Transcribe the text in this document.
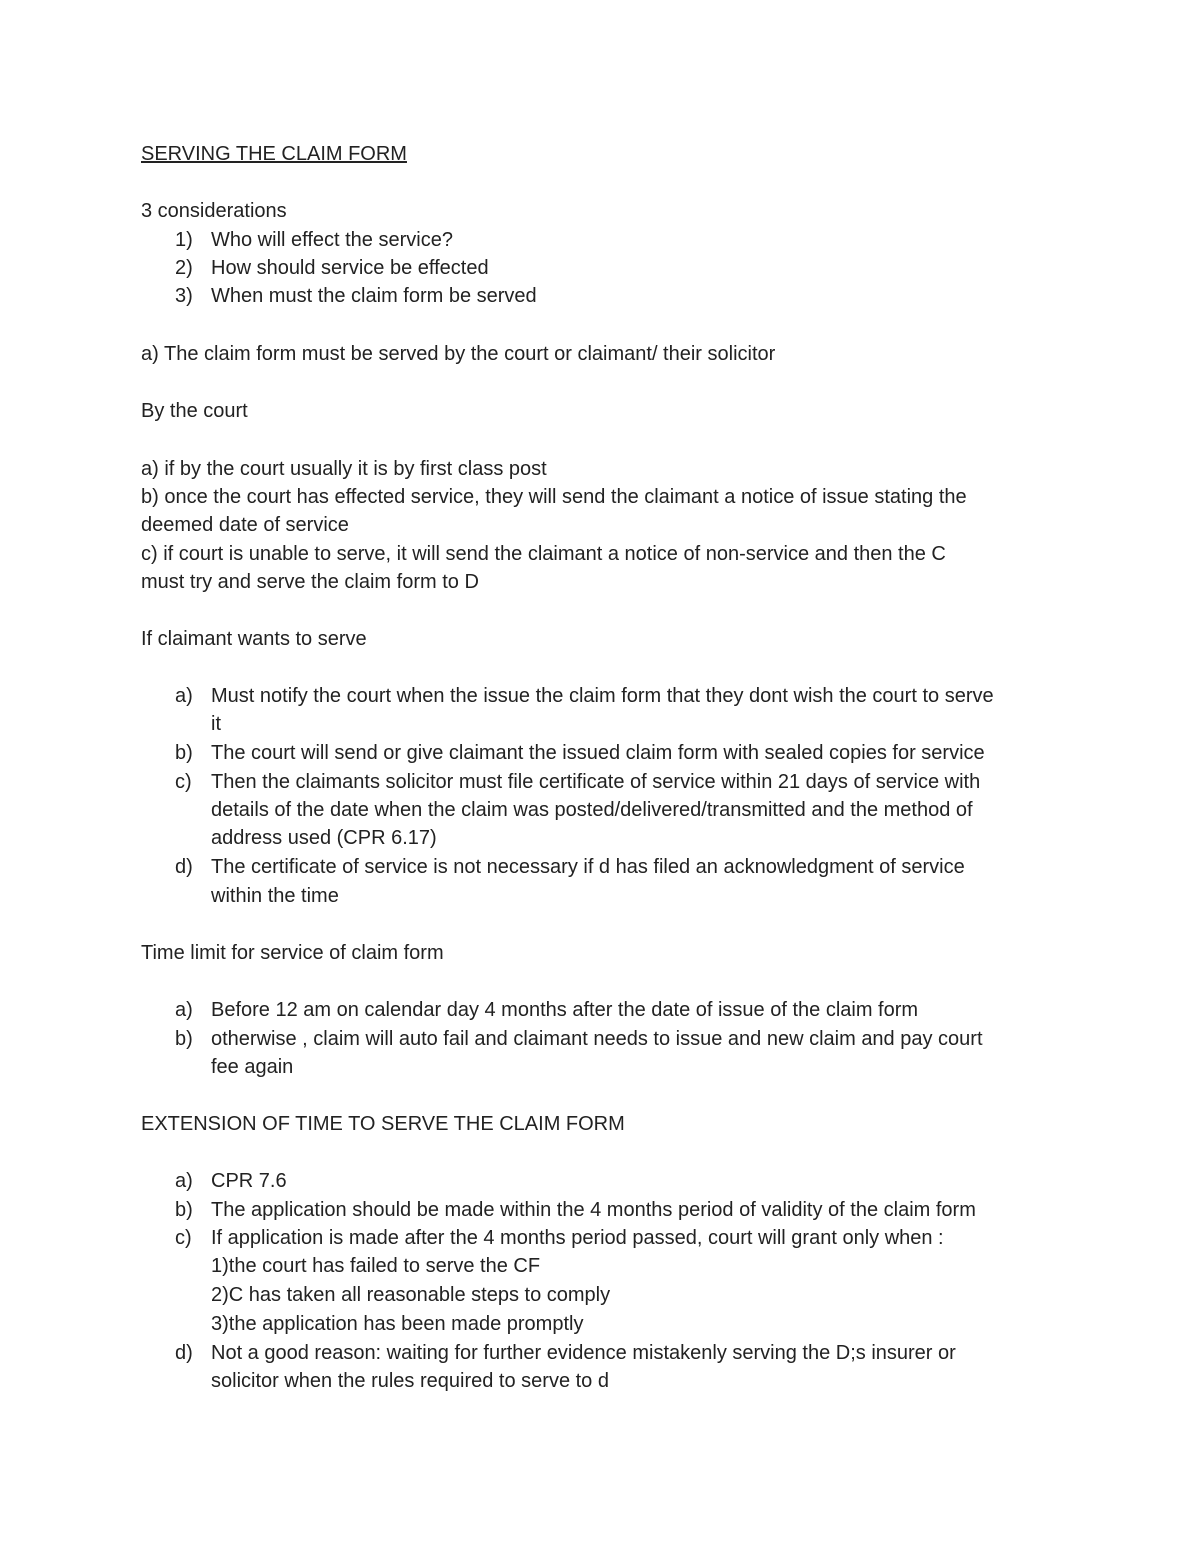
SERVING THE CLAIM FORM
3 considerations
1) Who will effect the service?
2) How should service be effected
3) When must the claim form be served
a) The claim form must be served by the court or claimant/ their solicitor
By the court
a) if by the court usually it is by first class post
b) once the court has effected service, they will send the claimant a notice of issue stating the
deemed date of service
c) if court is unable to serve, it will send the claimant a notice of non-service and then the C
must try and serve the claim form to D
If claimant wants to serve
a) Must notify the court when the issue the claim form that they dont wish the court to serve
it
b) The court will send or give claimant the issued claim form with sealed copies for service
c) Then the claimants solicitor must file certificate of service within 21 days of service with
details of the date when the claim was posted/delivered/transmitted and the method of
address used (CPR 6.17)
d) The certificate of service is not necessary if d has filed an acknowledgment of service
within the time
Time limit for service of claim form
a) Before 12 am on calendar day 4 months after the date of issue of the claim form
b) otherwise , claim will auto fail and claimant needs to issue and new claim and pay court
fee again
EXTENSION OF TIME TO SERVE THE CLAIM FORM
a) CPR 7.6
b) The application should be made within the 4 months period of validity of the claim form
c) If application is made after the 4 months period passed, court will grant only when :
1)the court has failed to serve the CF
2)C has taken all reasonable steps to comply
3)the application has been made promptly
d) Not a good reason: waiting for further evidence mistakenly serving the D;s insurer or
solicitor when the rules required to serve to d
